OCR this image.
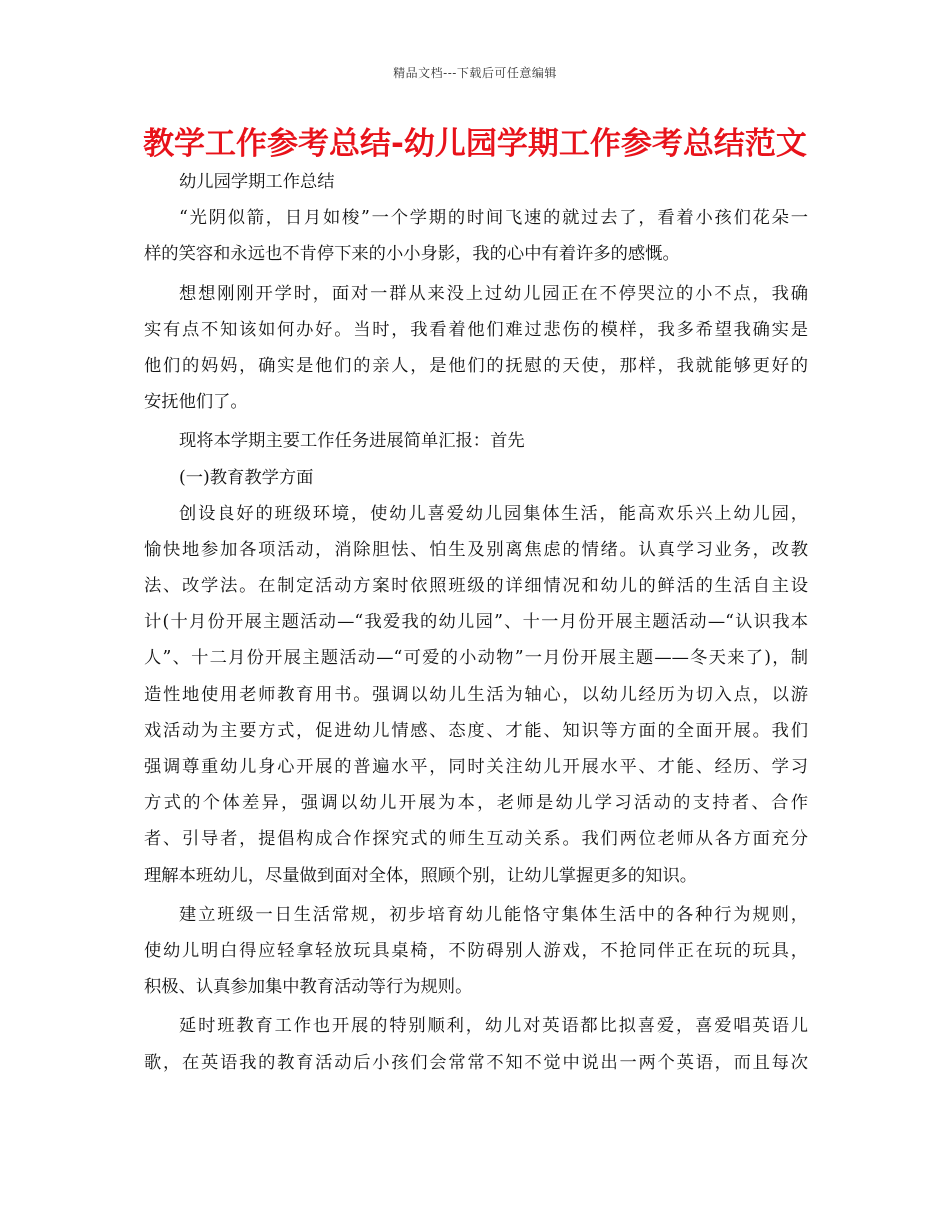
精品文档---下载后可任意编辑
教学工作参考总结-幼儿园学期工作参考总结范文
幼儿园学期工作总结
“光阴似箭，日月如梭”一个学期的时间飞速的就过去了，看着小孩们花朵一
样的笑容和永远也不肯停下来的小小身影，我的心中有着许多的感慨。
想想刚刚开学时，面对一群从来没上过幼儿园正在不停哭泣的小不点，我确
实有点不知该如何办好。当时，我看着他们难过悲伤的模样，我多希望我确实是
他们的妈妈，确实是他们的亲人，是他们的抚慰的天使，那样，我就能够更好的
安抚他们了。
现将本学期主要工作任务进展简单汇报：首先
(一)教育教学方面
创设良好的班级环境，使幼儿喜爱幼儿园集体生活，能高欢乐兴上幼儿园，
愉快地参加各项活动，消除胆怯、怕生及别离焦虑的情绪。认真学习业务，改教
法、改学法。在制定活动方案时依照班级的详细情况和幼儿的鲜活的生活自主设
计(十月份开展主题活动—“我爱我的幼儿园”、十一月份开展主题活动—“认识我本
人”、十二月份开展主题活动—“可爱的小动物”一月份开展主题——冬天来了)，制
造性地使用老师教育用书。强调以幼儿生活为轴心，以幼儿经历为切入点，以游
戏活动为主要方式，促进幼儿情感、态度、才能、知识等方面的全面开展。我们
强调尊重幼儿身心开展的普遍水平，同时关注幼儿开展水平、才能、经历、学习
方式的个体差异，强调以幼儿开展为本，老师是幼儿学习活动的支持者、合作
者、引导者，提倡构成合作探究式的师生互动关系。我们两位老师从各方面充分
理解本班幼儿，尽量做到面对全体，照顾个别，让幼儿掌握更多的知识。
建立班级一日生活常规，初步培育幼儿能恪守集体生活中的各种行为规则，
使幼儿明白得应轻拿轻放玩具桌椅，不防碍别人游戏，不抢同伴正在玩的玩具，
积极、认真参加集中教育活动等行为规则。
延时班教育工作也开展的特别顺利，幼儿对英语都比拟喜爱，喜爱唱英语儿
歌，在英语我的教育活动后小孩们会常常不知不觉中说出一两个英语，而且每次
